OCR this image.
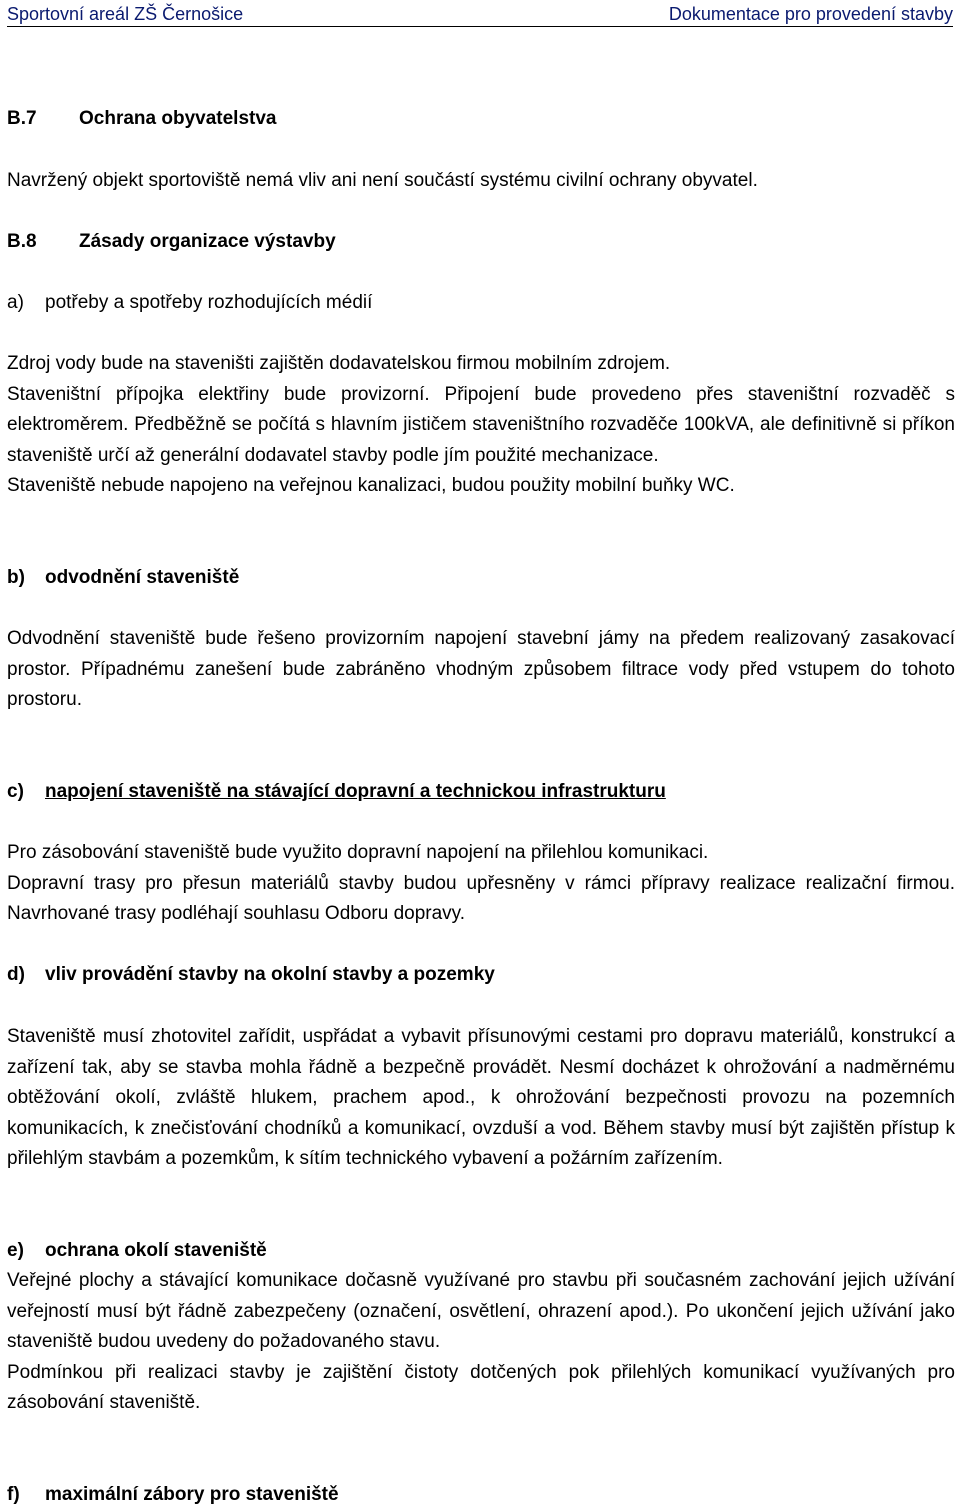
Sportovní areál ZŠ Černošice	Dokumentace pro provedení stavby
B.7 Ochrana obyvatelstva
Navržený objekt sportoviště nemá vliv ani není součástí systému civilní ochrany obyvatel.
B.8 Zásady organizace výstavby
a) potřeby a spotřeby rozhodujících médií

Zdroj vody bude na staveništi zajištěn dodavatelskou firmou mobilním zdrojem.

Staveništní přípojka elektřiny bude provizorní. Připojení bude provedeno přes staveništní rozvaděč s elektroměrem. Předběžně se počítá s hlavním jističem staveništního rozvaděče 100kVA, ale definitivně si příkon staveniště určí až generální dodavatel stavby podle jím použité mechanizace.

Staveniště nebude napojeno na veřejnou kanalizaci, budou použity mobilní buňky WC.

b) odvodnění staveniště

Odvodnění staveniště bude řešeno provizorním napojení stavební jámy na předem realizovaný zasakovací prostor. Případnému zanešení bude zabráněno vhodným způsobem filtrace vody před vstupem do tohoto prostoru.

c) napojení staveniště na stávající dopravní a technickou infrastrukturu

Pro zásobování staveniště bude využito dopravní napojení na přilehlou komunikaci.

Dopravní trasy pro přesun materiálů stavby budou upřesněny v rámci přípravy realizace realizační firmou. Navrhované trasy podléhají souhlasu Odboru dopravy.

d) vliv provádění stavby na okolní stavby a pozemky

Staveniště musí zhotovitel zařídit, uspřádat a vybavit přísunovými cestami pro dopravu materiálů, konstrukcí a zařízení tak, aby se stavba mohla řádně a bezpečně provádět. Nesmí docházet k ohrožování a nadměrnému obtěžování okolí, zvláště hlukem, prachem apod., k ohrožování bezpečnosti provozu na pozemních komunikacích, k znečisťování chodníků a komunikací, ovzduší a vod. Během stavby musí být zajištěn přístup k přilehlým stavbám a pozemkům, k sítím technického vybavení a požárním zařízením.

e) ochrana okolí staveniště

Veřejné plochy a stávající komunikace dočasně využívané pro stavbu při současném zachování jejich užívání veřejností musí být řádně zabezpečeny (označení, osvětlení, ohrazení apod.). Po ukončení jejich užívání jako staveniště budou uvedeny do požadovaného stavu.

Podmínkou při realizaci stavby je zajištění čistoty dotčených pok přilehlých komunikací využívaných pro zásobování staveniště.

f) maximální zábory pro staveniště
